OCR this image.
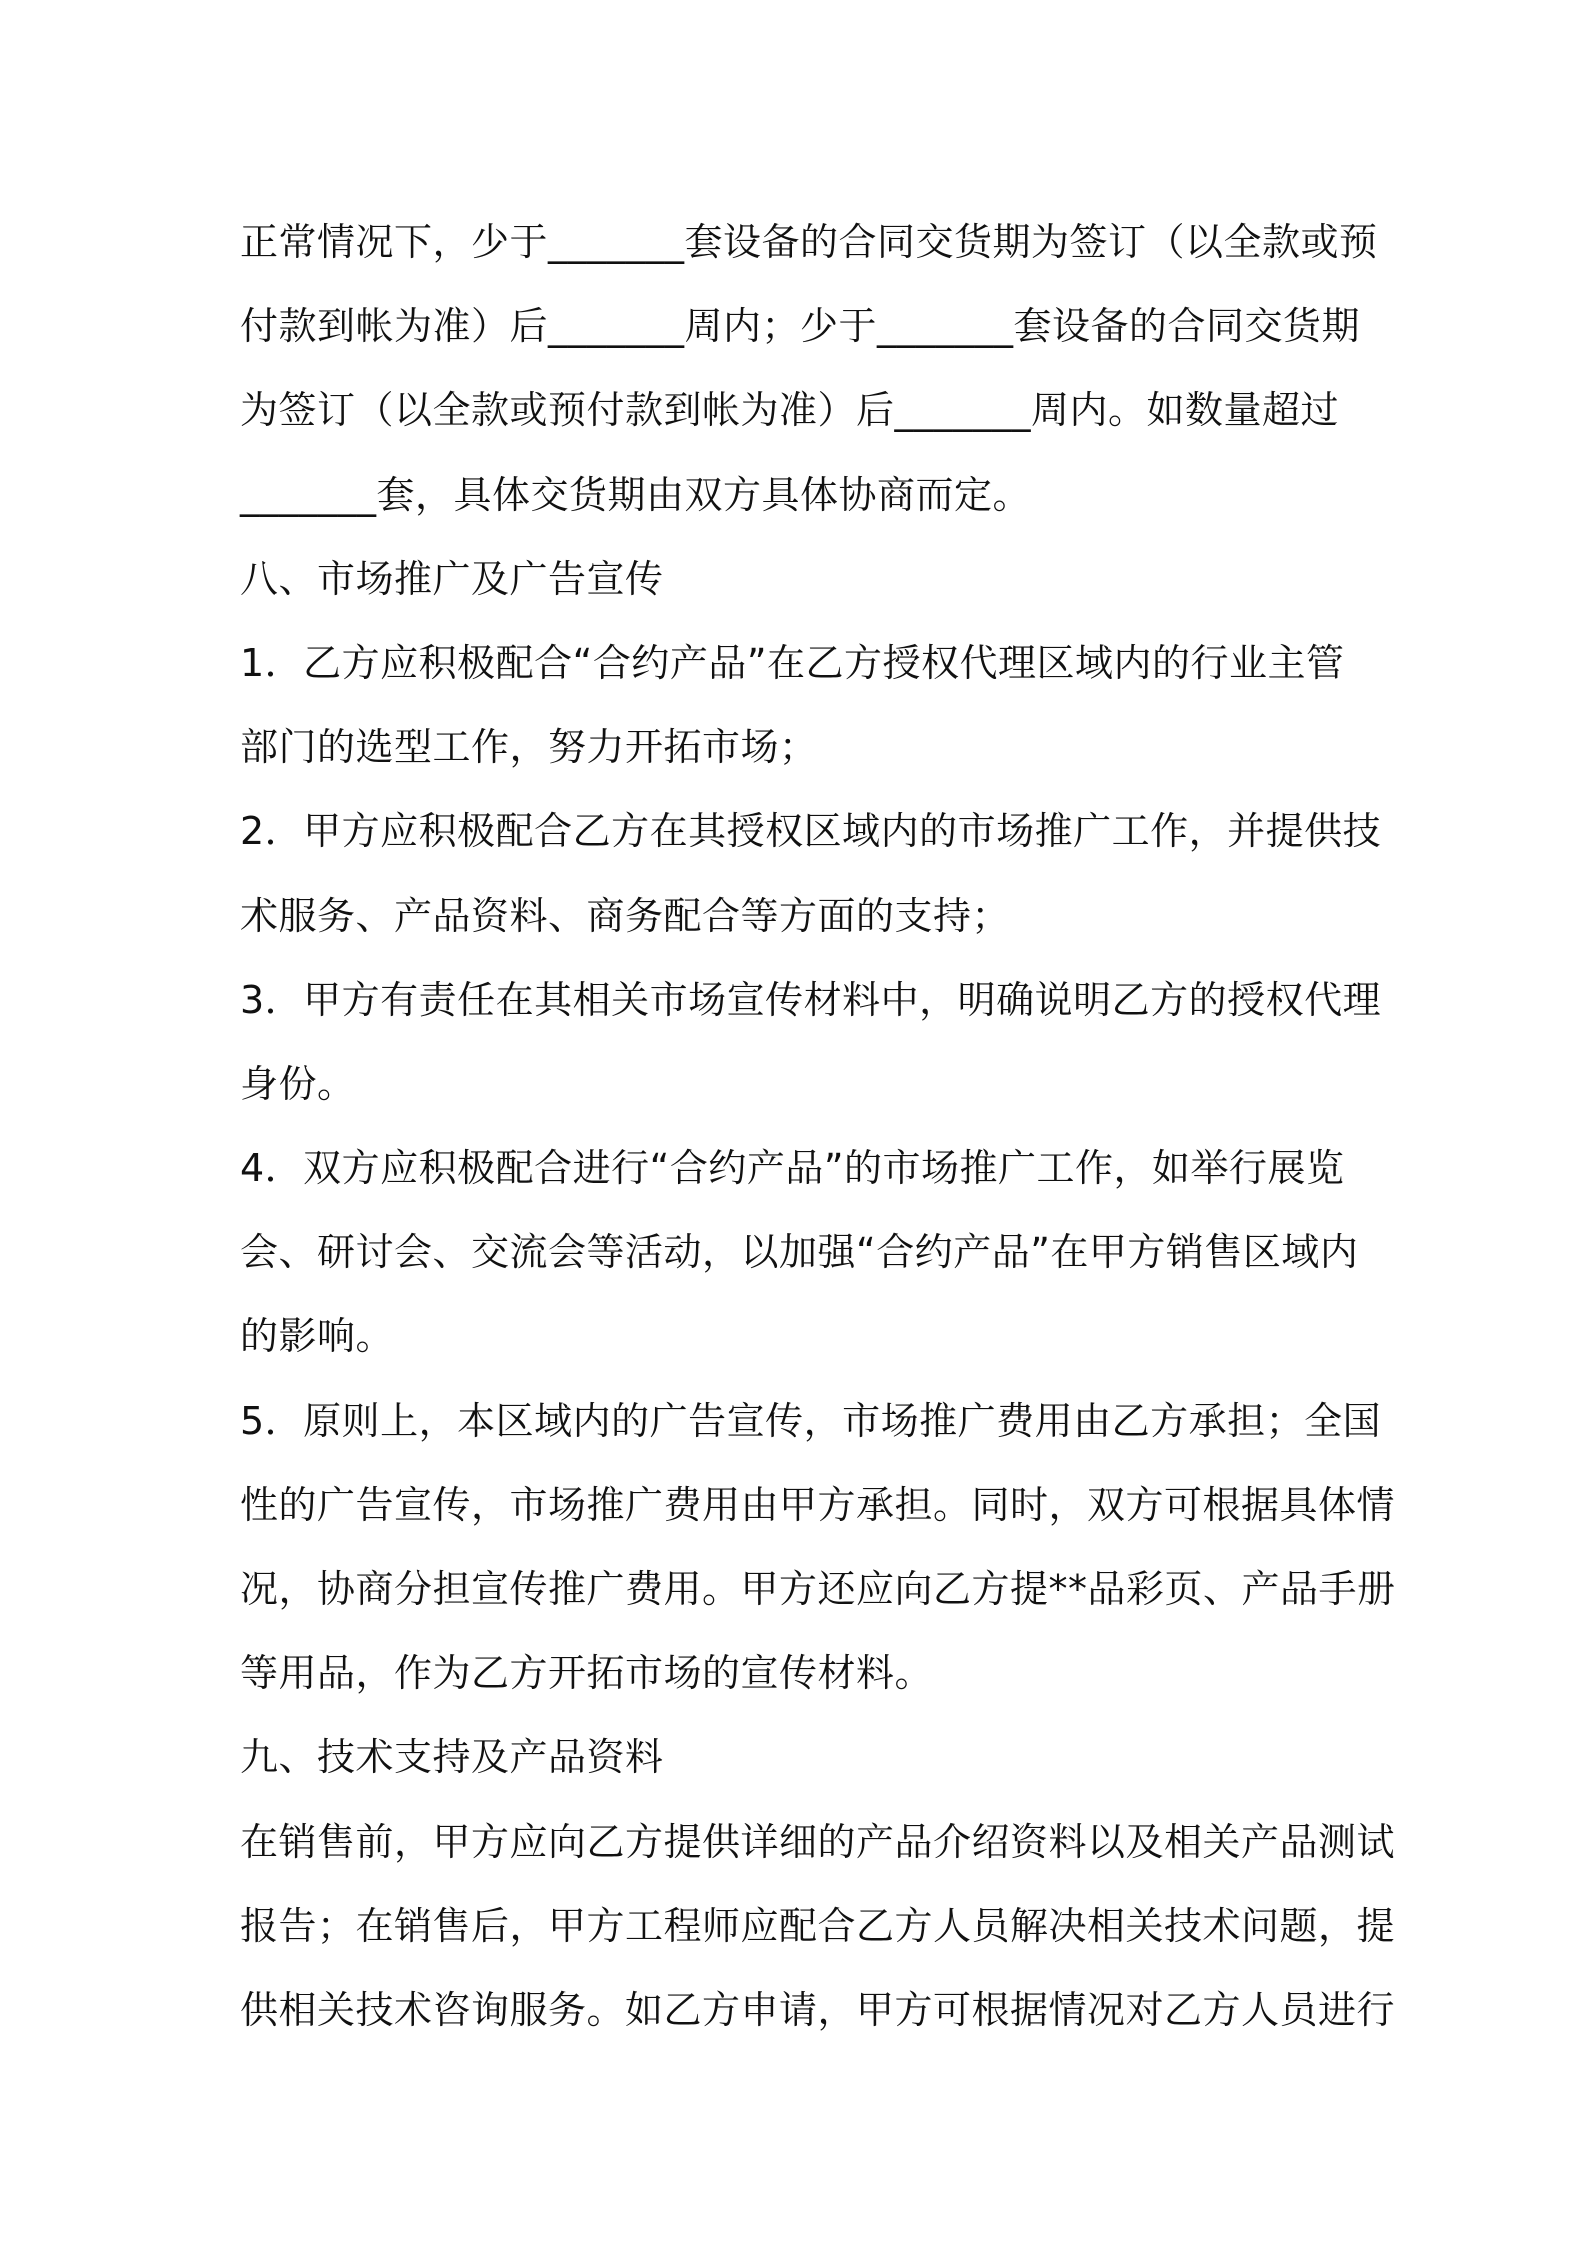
正常情况下，少于_______套设备的合同交货期为签订（以全款或预
付款到帐为准）后_______周内；少于_______套设备的合同交货期
为签订（以全款或预付款到帐为准）后_______周内。如数量超过
_______套，具体交货期由双方具体协商而定。
八、市场推广及广告宣传
1．乙方应积极配合“合约产品”在乙方授权代理区域内的行业主管
部门的选型工作，努力开拓市场；
2．甲方应积极配合乙方在其授权区域内的市场推广工作，并提供技
术服务、产品资料、商务配合等方面的支持；
3．甲方有责任在其相关市场宣传材料中，明确说明乙方的授权代理
身份。
4．双方应积极配合进行“合约产品”的市场推广工作，如举行展览
会、研讨会、交流会等活动，以加强“合约产品”在甲方销售区域内
的影响。
5．原则上，本区域内的广告宣传，市场推广费用由乙方承担；全国
性的广告宣传，市场推广费用由甲方承担。同时，双方可根据具体情
况，协商分担宣传推广费用。甲方还应向乙方提**品彩页、产品手册
等用品，作为乙方开拓市场的宣传材料。
九、技术支持及产品资料
在销售前，甲方应向乙方提供详细的产品介绍资料以及相关产品测试
报告；在销售后，甲方工程师应配合乙方人员解决相关技术问题，提
供相关技术咨询服务。如乙方申请，甲方可根据情况对乙方人员进行
